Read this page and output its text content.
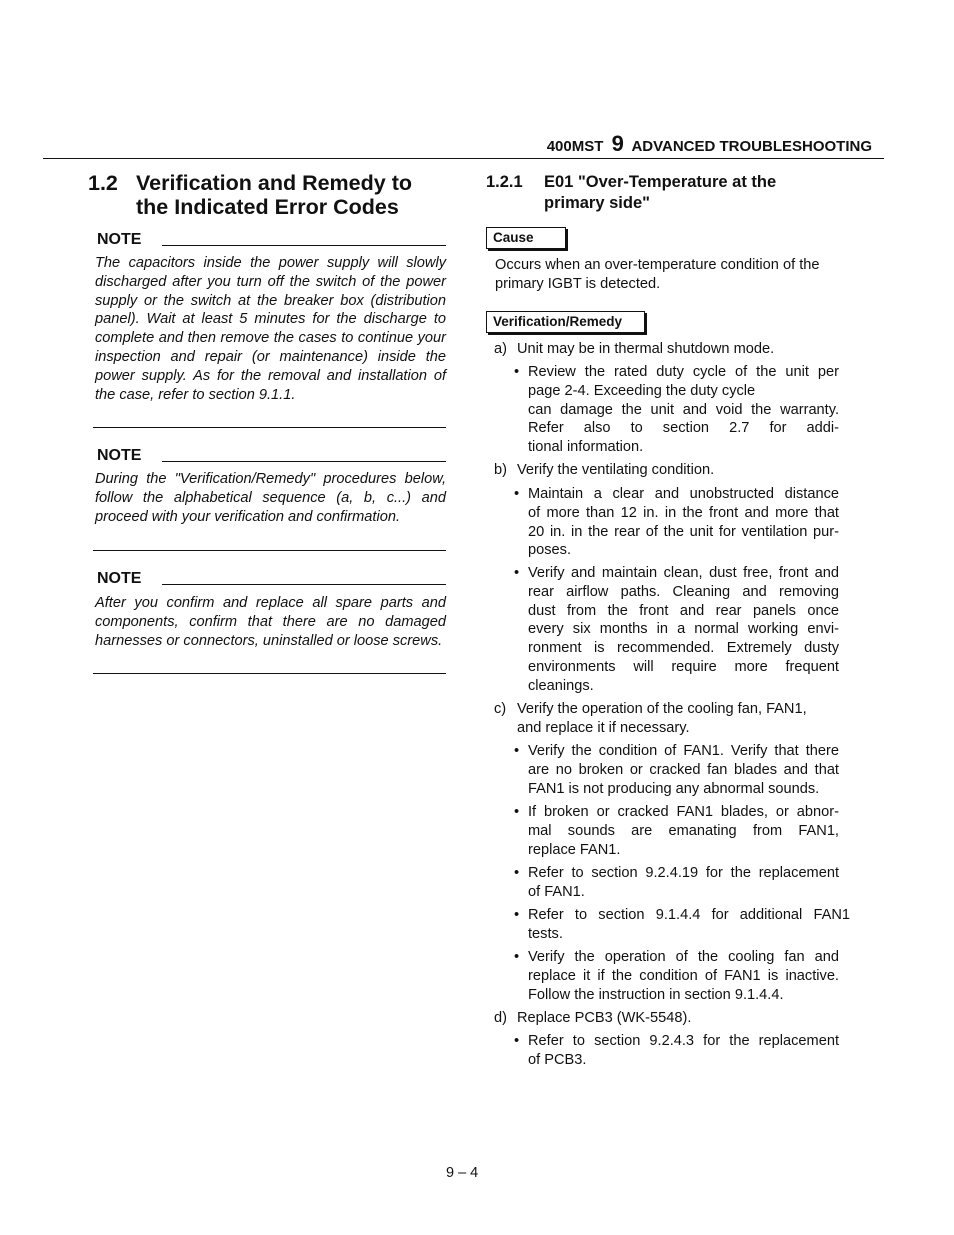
400MST 9 ADVANCED TROUBLESHOOTING
1.2 Verification and Remedy to
the Indicated Error Codes
NOTE
The capacitors inside the power supply will slowly discharged after you turn off the switch of the power supply or the switch at the breaker box (distribution panel). Wait at least 5 minutes for the discharge to complete and then remove the cases to continue your inspection and repair (or maintenance) inside the power supply. As for the removal and installation of the case, refer to section 9.1.1.
NOTE
During the "Verification/Remedy" procedures below, follow the alphabetical sequence (a, b, c...) and proceed with your verification and confirmation.
NOTE
After you confirm and replace all spare parts and components, confirm that there are no damaged harnesses or connectors, uninstalled or loose screws.
1.2.1 E01 "Over-Temperature at the
primary side"
Cause
Occurs when an over-temperature condition of the
primary IGBT is detected.
Verification/Remedy
a) Unit may be in thermal shutdown mode.
• Review the rated duty cycle of the unit per
page 2-4. Exceeding the duty cycle
can damage the unit and void the warranty.
Refer also to section 2.7 for addi-
tional information.
b) Verify the ventilating condition.
• Maintain a clear and unobstructed distance
of more than 12 in. in the front and more that
20 in. in the rear of the unit for ventilation pur-
poses.
• Verify and maintain clean, dust free, front and
rear airflow paths. Cleaning and removing
dust from the front and rear panels once
every six months in a normal working envi-
ronment is recommended. Extremely dusty
environments will require more frequent
cleanings.
c) Verify the operation of the cooling fan, FAN1,
and replace it if necessary.
• Verify the condition of FAN1. Verify that there
are no broken or cracked fan blades and that
FAN1 is not producing any abnormal sounds.
• If broken or cracked FAN1 blades, or abnor-
mal sounds are emanating from FAN1,
replace FAN1.
• Refer to section 9.2.4.19 for the replacement
of FAN1.
• Refer to section 9.1.4.4 for additional FAN1
tests.
• Verify the operation of the cooling fan and
replace it if the condition of FAN1 is inactive.
Follow the instruction in section 9.1.4.4.
d) Replace PCB3 (WK-5548).
• Refer to section 9.2.4.3 for the replacement
of PCB3.
9 – 4
